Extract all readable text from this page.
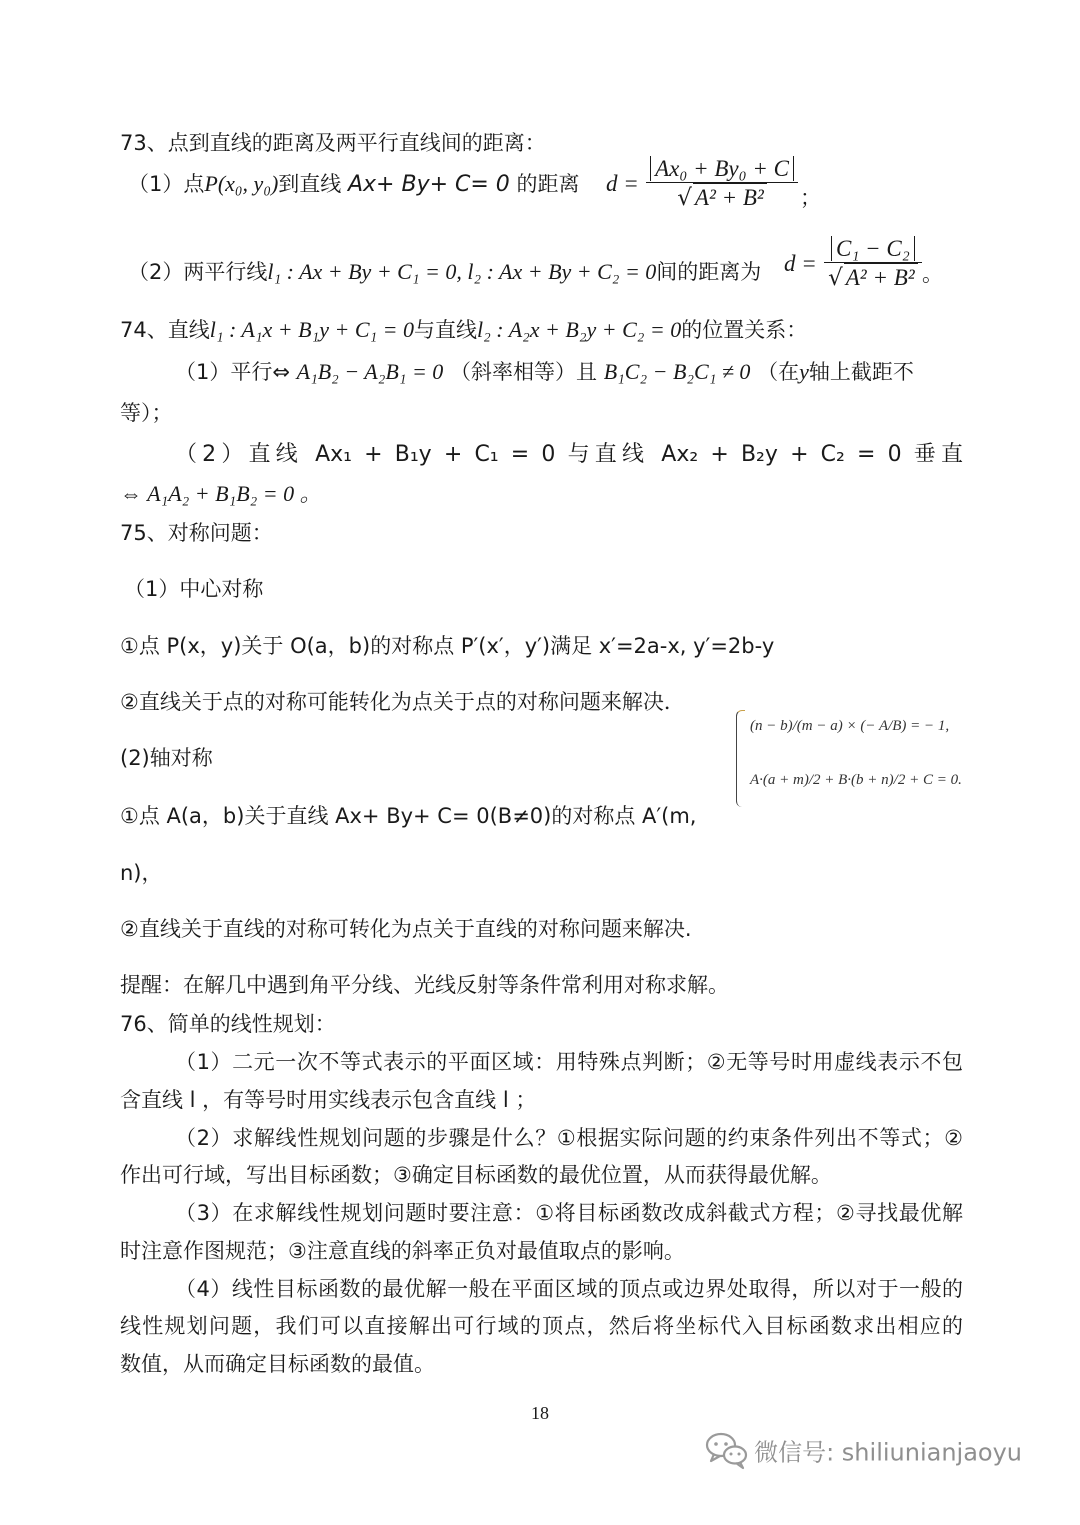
73、点到直线的距离及两平行直线间的距离：
（1）点P(x₀, y₀)到直线 Ax+ By+ C= 0 的距离 $d = \frac{\text{Ax₀ + By₀ + C}}{\text{√ A² + B²}}$ ；
（2）两平行线l₁ : Ax + By + C₁ = 0, l₂ : Ax + By + C₂ = 0间的距离为 $d = \frac{\text{C₁ − C₂}}{\text{√ A² + B²}}$ 。
74、直线l₁ : A₁x + B₁y + C₁ = 0与直线l₂ : A₂x + B₂y + C₂ = 0的位置关系：
（1）平行⇔ A₁B₂ − A₂B₁ = 0 （斜率相等）且 B₁C₂ − B₂C₁ ≠ 0 （在y轴上截距不
等）；
（2）直线 Ax₁ + B₁y + C₁ = 0 与直线 Ax₂ + B₂y + C₂ = 0 垂直
⇔ A₁A₂ + B₁B₂ = 0 。
75、对称问题：
（1）中心对称
①点 P(x，y)关于 O(a，b)的对称点 P′(x′，y′)满足 x′=2a-x, y′=2b-y
②直线关于点的对称可能转化为点关于点的对称问题来解决．
(2)轴对称
①点 A(a，b)关于直线 Ax+ By+ C= 0(B≠0)的对称点 A′(m,
n)，
②直线关于直线的对称可转化为点关于直线的对称问题来解决.
(n − b)/(m − a) × (− A/B) = − 1,
A·(a + m)/2 + B·(b + n)/2 + C = 0.
提醒：在解几中遇到角平分线、光线反射等条件常利用对称求解。
76、简单的线性规划：
（1）二元一次不等式表示的平面区域：用特殊点判断；②无等号时用虚线表示不包
含直线 l ，有等号时用实线表示包含直线 l ；
（2）求解线性规划问题的步骤是什么？①根据实际问题的约束条件列出不等式；②
作出可行域，写出目标函数；③确定目标函数的最优位置，从而获得最优解。
（3）在求解线性规划问题时要注意：①将目标函数改成斜截式方程；②寻找最优解
时注意作图规范；③注意直线的斜率正负对最值取点的影响。
（4）线性目标函数的最优解一般在平面区域的顶点或边界处取得，所以对于一般的
线性规划问题，我们可以直接解出可行域的顶点，然后将坐标代入目标函数求出相应的
数值，从而确定目标函数的最值。
18
微信号: shiliunianjaoyu
